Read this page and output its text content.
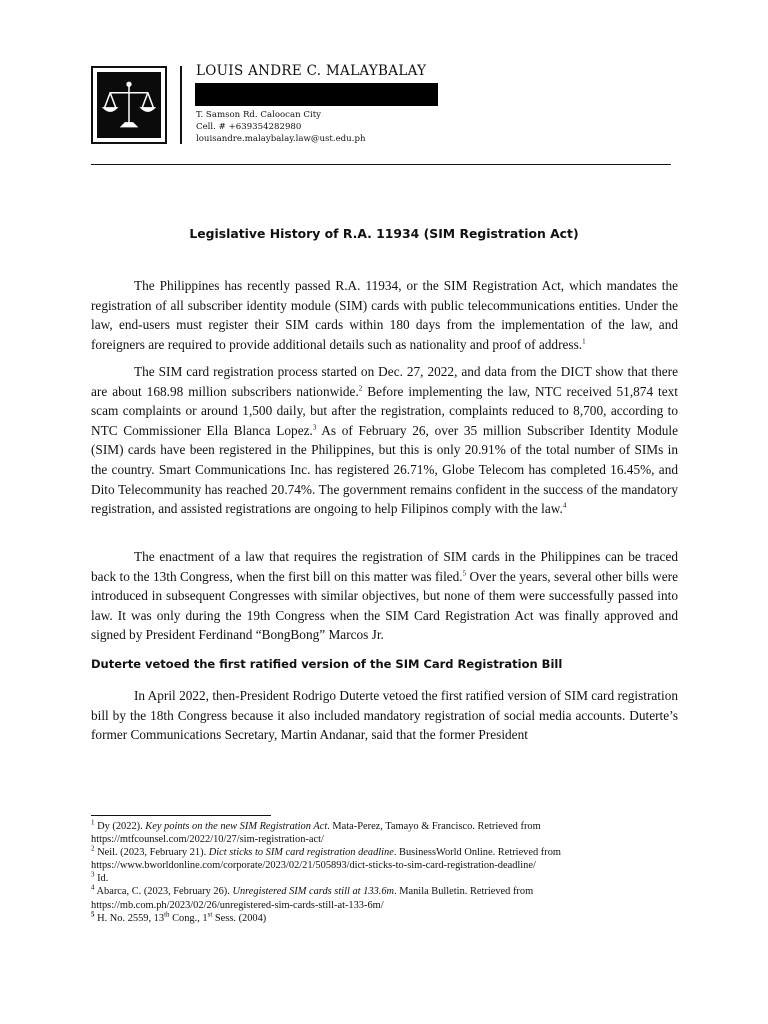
LOUIS ANDRE C. MALAYBALAY
T. Samson Rd. Caloocan City
Cell. # +639354282980
louisandre.malaybalay.law@ust.edu.ph
Legislative History of R.A. 11934 (SIM Registration Act)
The Philippines has recently passed R.A. 11934, or the SIM Registration Act, which mandates the registration of all subscriber identity module (SIM) cards with public telecommunications entities. Under the law, end-users must register their SIM cards within 180 days from the implementation of the law, and foreigners are required to provide additional details such as nationality and proof of address.$^1$
The SIM card registration process started on Dec. 27, 2022, and data from the DICT show that there are about 168.98 million subscribers nationwide.$^2$ Before implementing the law, NTC received 51,874 text scam complaints or around 1,500 daily, but after the registration, complaints reduced to 8,700, according to NTC Commissioner Ella Blanca Lopez.$^3$ As of February 26, over 35 million Subscriber Identity Module (SIM) cards have been registered in the Philippines, but this is only 20.91% of the total number of SIMs in the country. Smart Communications Inc. has registered 26.71%, Globe Telecom has completed 16.45%, and Dito Telecommunity has reached 20.74%. The government remains confident in the success of the mandatory registration, and assisted registrations are ongoing to help Filipinos comply with the law.$^4$
The enactment of a law that requires the registration of SIM cards in the Philippines can be traced back to the 13th Congress, when the first bill on this matter was filed.$^5$ Over the years, several other bills were introduced in subsequent Congresses with similar objectives, but none of them were successfully passed into law. It was only during the 19th Congress when the SIM Card Registration Act was finally approved and signed by President Ferdinand “BongBong” Marcos Jr.
Duterte vetoed the first ratified version of the SIM Card Registration Bill
In April 2022, then-President Rodrigo Duterte vetoed the first ratified version of SIM card registration bill by the 18th Congress because it also included mandatory registration of social media accounts. Duterte’s former Communications Secretary, Martin Andanar, said that the former President

$^1$ Dy (2022). Key points on the new SIM Registration Act. Mata-Perez, Tamayo & Francisco. Retrieved from

https://mtfcounsel.com/2022/10/27/sim-registration-act/

$^2$ Neil. (2023, February 21). Dict sticks to SIM card registration deadline. BusinessWorld Online. Retrieved from

https://www.bworldonline.com/corporate/2023/02/21/505893/dict-sticks-to-sim-card-registration-deadline/

$^3$ Id.

$^4$ Abarca, C. (2023, February 26). Unregistered SIM cards still at 133.6m. Manila Bulletin. Retrieved from

https://mb.com.ph/2023/02/26/unregistered-sim-cards-still-at-133-6m/

$^5$ H. No. 2559, 13th Cong., 1st Sess. (2004)
